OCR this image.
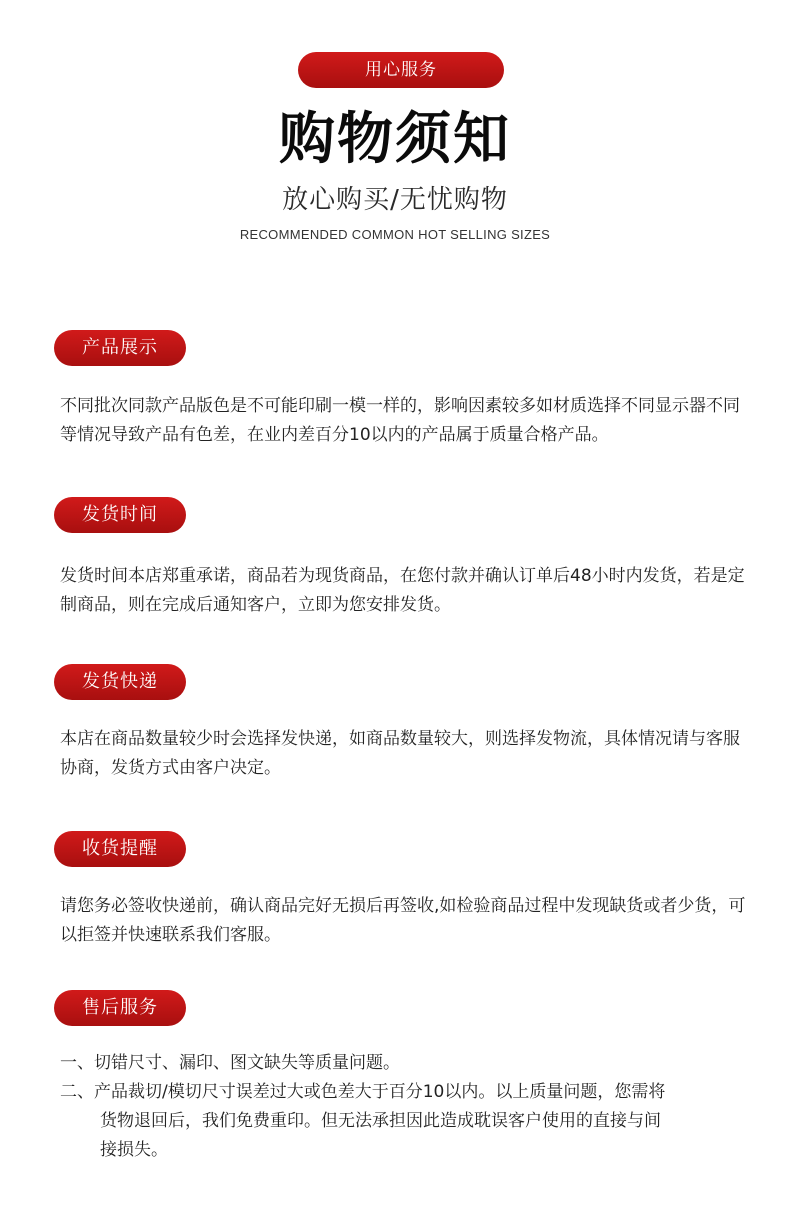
用心服务
购物须知
放心购买/无忧购物
RECOMMENDED COMMON HOT SELLING SIZES
产品展示
不同批次同款产品版色是不可能印刷一模一样的，影响因素较多如材质选择不同显示器不同等情况导致产品有色差，在业内差百分10以内的产品属于质量合格产品。
发货时间
发货时间本店郑重承诺，商品若为现货商品，在您付款并确认订单后48小时内发货，若是定制商品，则在完成后通知客户，立即为您安排发货。
发货快递
本店在商品数量较少时会选择发快递，如商品数量较大，则选择发物流，具体情况请与客服协商，发货方式由客户决定。
收货提醒
请您务必签收快递前，确认商品完好无损后再签收,如检验商品过程中发现缺货或者少货，可以拒签并快速联系我们客服。
售后服务

一、切错尺寸、漏印、图文缺失等质量问题。

二、产品裁切/模切尺寸误差过大或色差大于百分10以内。以上质量问题，您需将

货物退回后，我们免费重印。但无法承担因此造成耽误客户使用的直接与间

接损失。
